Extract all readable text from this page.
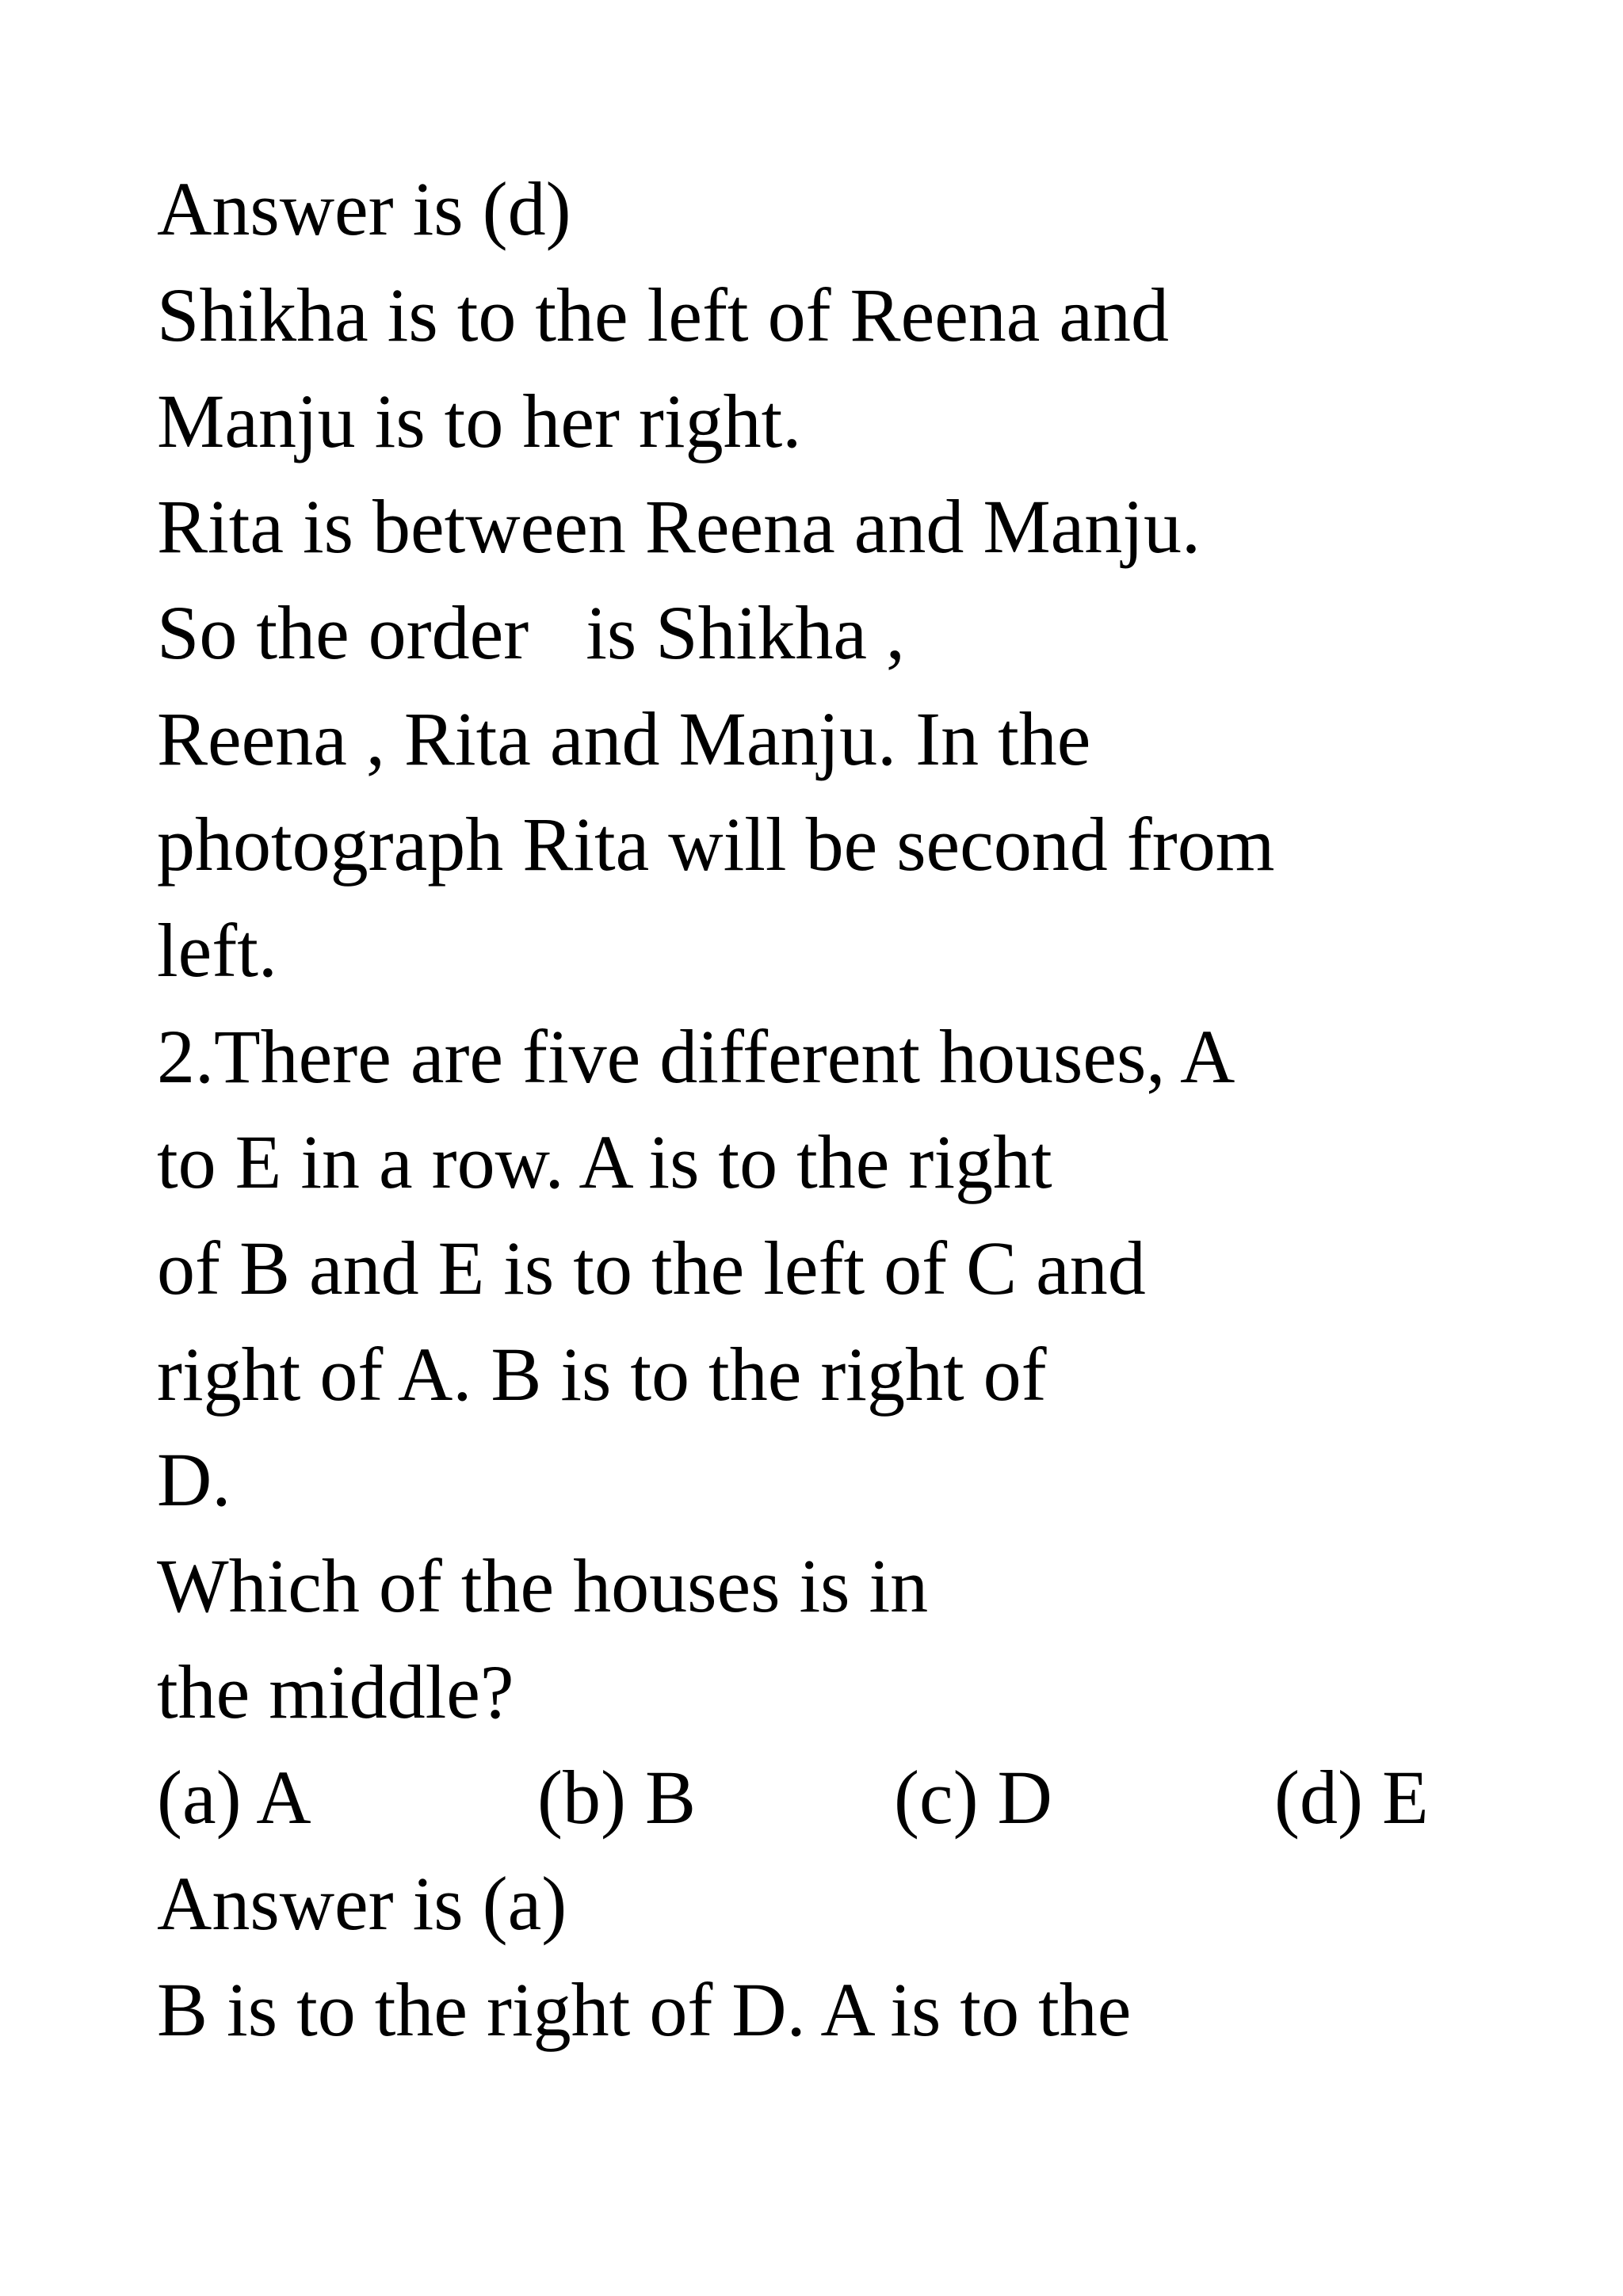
Answer is (d)
Shikha is to the left of Reena and
Manju is to her right.
Rita is between Reena and Manju.
So the order   is Shikha ,
Reena , Rita and Manju. In the
photograph Rita will be second from
left.
2.There are five different houses, A
to E in a row. A is to the right
of B and E is to the left of C and
right of A. B is to the right of
D.
Which of the houses is in
the middle?
(a) A	(b) B	(c) D	(d) E
Answer is (a)
B is to the right of D. A is to the
